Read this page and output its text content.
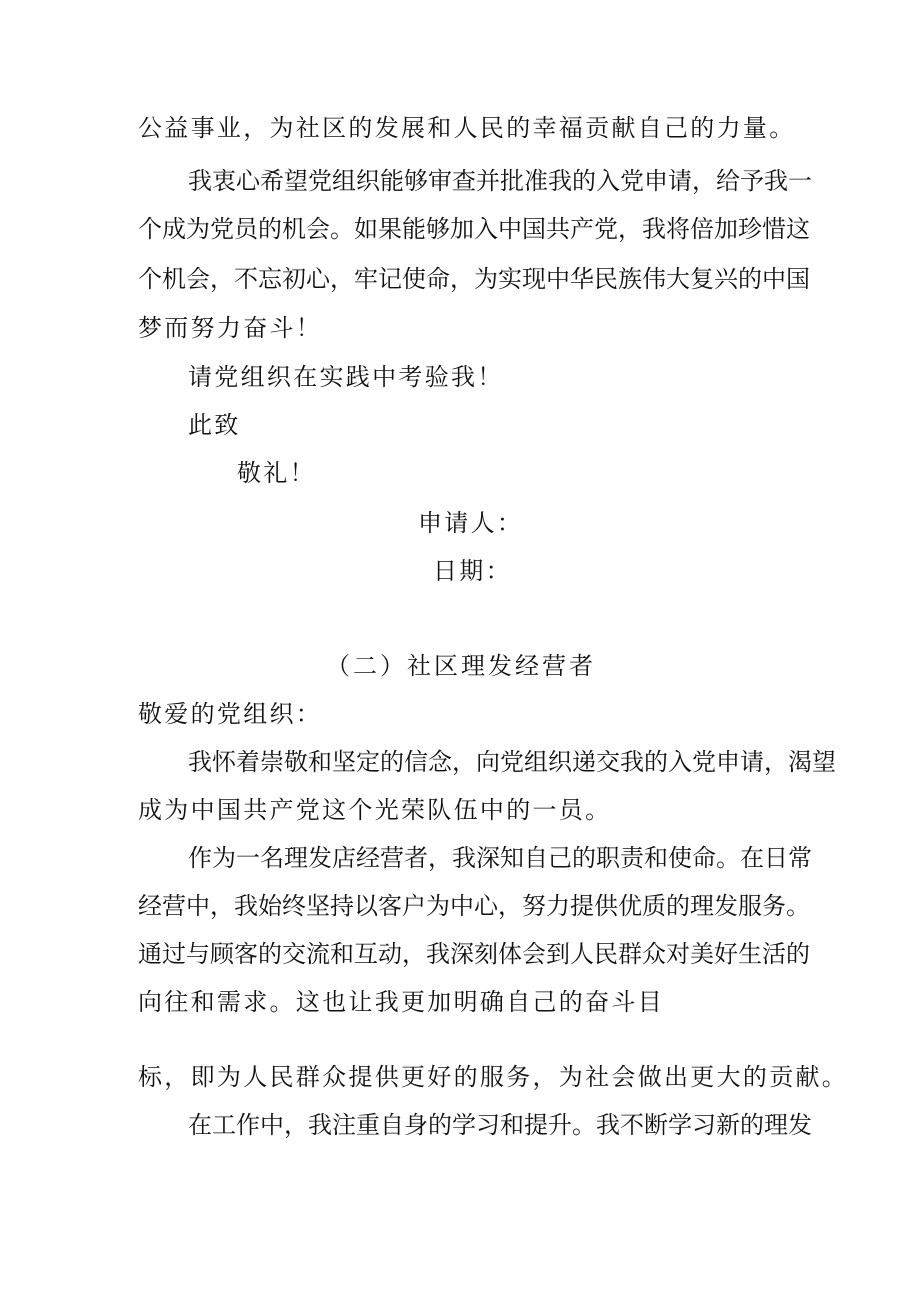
公益事业，为社区的发展和人民的幸福贡献自己的力量。
我衷心希望党组织能够审查并批准我的入党申请，给予我一
个成为党员的机会。如果能够加入中国共产党，我将倍加珍惜这
个机会，不忘初心，牢记使命，为实现中华民族伟大复兴的中国
梦而努力奋斗！
请党组织在实践中考验我！
此致
敬礼！
申请人：
日期：
（二）社区理发经营者
敬爱的党组织：
我怀着崇敬和坚定的信念，向党组织递交我的入党申请，渴望
成为中国共产党这个光荣队伍中的一员。
作为一名理发店经营者，我深知自己的职责和使命。在日常
经营中，我始终坚持以客户为中心，努力提供优质的理发服务。
通过与顾客的交流和互动，我深刻体会到人民群众对美好生活的
向往和需求。这也让我更加明确自己的奋斗目
标，即为人民群众提供更好的服务，为社会做出更大的贡献。
在工作中，我注重自身的学习和提升。我不断学习新的理发
